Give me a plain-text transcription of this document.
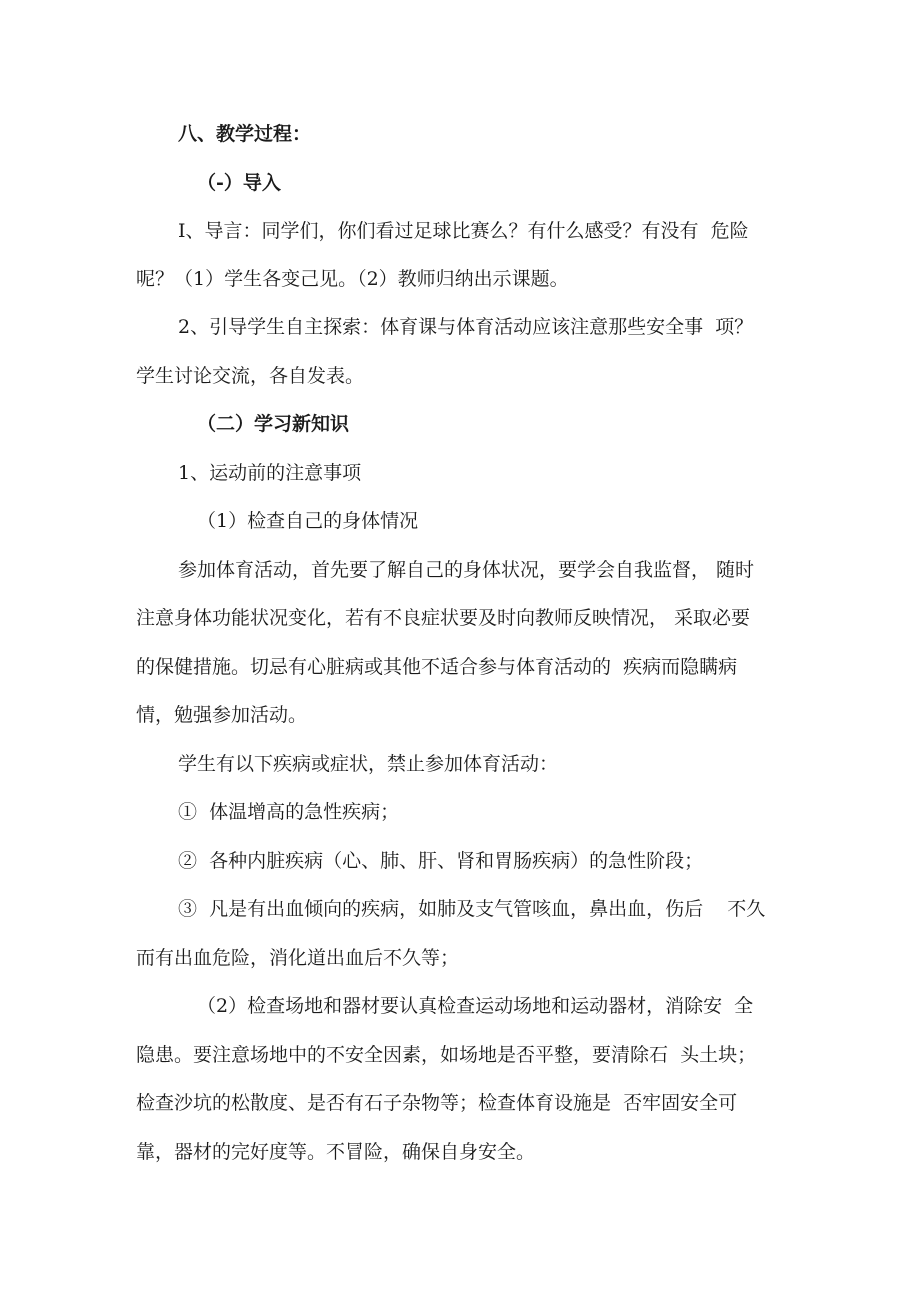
八、教学过程：
（-）导入
I、导言：同学们，你们看过足球比赛么？有什么感受？有没有  危险
呢？（1）学生各变己见。（2）教师归纳出示课题。
2、引导学生自主探索：体育课与体育活动应该注意那些安全事  项？
学生讨论交流，各自发表。
（二）学习新知识
1、运动前的注意事项
（1）检查自己的身体情况
参加体育活动，首先要了解自己的身体状况，要学会自我监督， 随时
注意身体功能状况变化，若有不良症状要及时向教师反映情况， 采取必要
的保健措施。切忌有心脏病或其他不适合参与体育活动的  疾病而隐瞒病
情，勉强参加活动。
学生有以下疾病或症状，禁止参加体育活动：
①  体温增高的急性疾病；
②  各种内脏疾病（心、肺、肝、肾和胃肠疾病）的急性阶段；
③  凡是有出血倾向的疾病，如肺及支气管咳血，鼻出血，伤后    不久
而有出血危险，消化道出血后不久等；
（2）检查场地和器材要认真检查运动场地和运动器材，消除安  全
隐患。要注意场地中的不安全因素，如场地是否平整，要清除石  头土块；
检查沙坑的松散度、是否有石子杂物等；检查体育设施是  否牢固安全可
靠，器材的完好度等。不冒险，确保自身安全。
